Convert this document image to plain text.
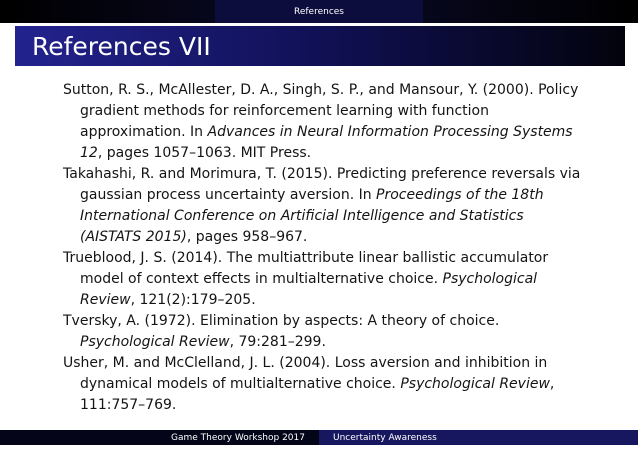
References
References VII
Sutton, R. S., McAllester, D. A., Singh, S. P., and Mansour, Y. (2000). Policy gradient methods for reinforcement learning with function approximation. In Advances in Neural Information Processing Systems 12, pages 1057–1063. MIT Press.
Takahashi, R. and Morimura, T. (2015). Predicting preference reversals via gaussian process uncertainty aversion. In Proceedings of the 18th International Conference on Artificial Intelligence and Statistics (AISTATS 2015), pages 958–967.
Trueblood, J. S. (2014). The multiattribute linear ballistic accumulator model of context effects in multialternative choice. Psychological Review, 121(2):179–205.
Tversky, A. (1972). Elimination by aspects: A theory of choice. Psychological Review, 79:281–299.
Usher, M. and McClelland, J. L. (2004). Loss aversion and inhibition in dynamical models of multialternative choice. Psychological Review, 111:757–769.
Game Theory Workshop 2017	Uncertainty Awareness
